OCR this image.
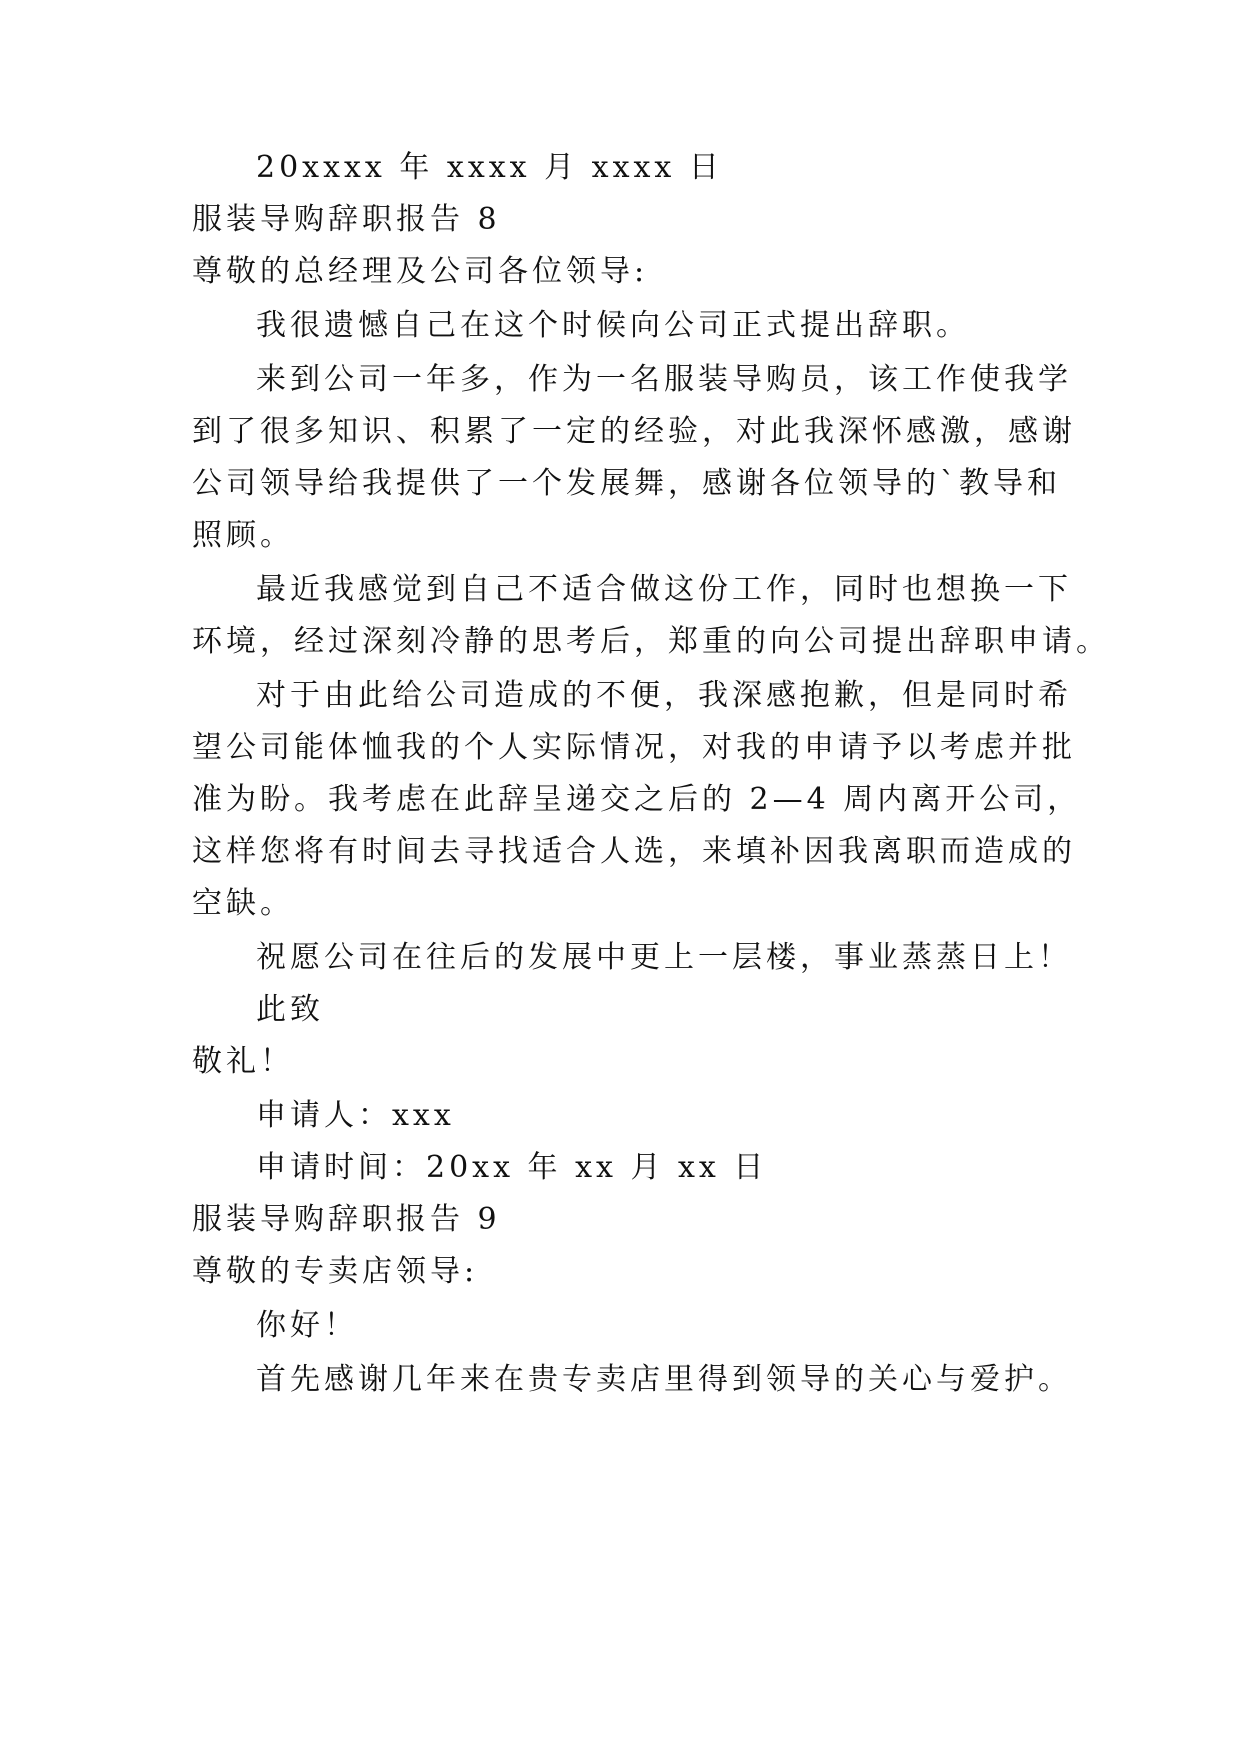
20xxxx 年 xxxx 月 xxxx 日
服装导购辞职报告 8
尊敬的总经理及公司各位领导:
我很遗憾自己在这个时候向公司正式提出辞职。
来到公司一年多，作为一名服装导购员，该工作使我学
到了很多知识、积累了一定的经验，对此我深怀感激，感谢
公司领导给我提供了一个发展舞，感谢各位领导的`教导和
照顾。
最近我感觉到自己不适合做这份工作，同时也想换一下
环境，经过深刻冷静的思考后，郑重的向公司提出辞职申请。
对于由此给公司造成的不便，我深感抱歉，但是同时希
望公司能体恤我的个人实际情况，对我的申请予以考虑并批
准为盼。我考虑在此辞呈递交之后的 2—4 周内离开公司，
这样您将有时间去寻找适合人选，来填补因我离职而造成的
空缺。
祝愿公司在往后的发展中更上一层楼，事业蒸蒸日上！
此致
敬礼！
申请人：xxx
申请时间：20xx 年 xx 月 xx 日
服装导购辞职报告 9
尊敬的专卖店领导:
你好！
首先感谢几年来在贵专卖店里得到领导的关心与爱护。
